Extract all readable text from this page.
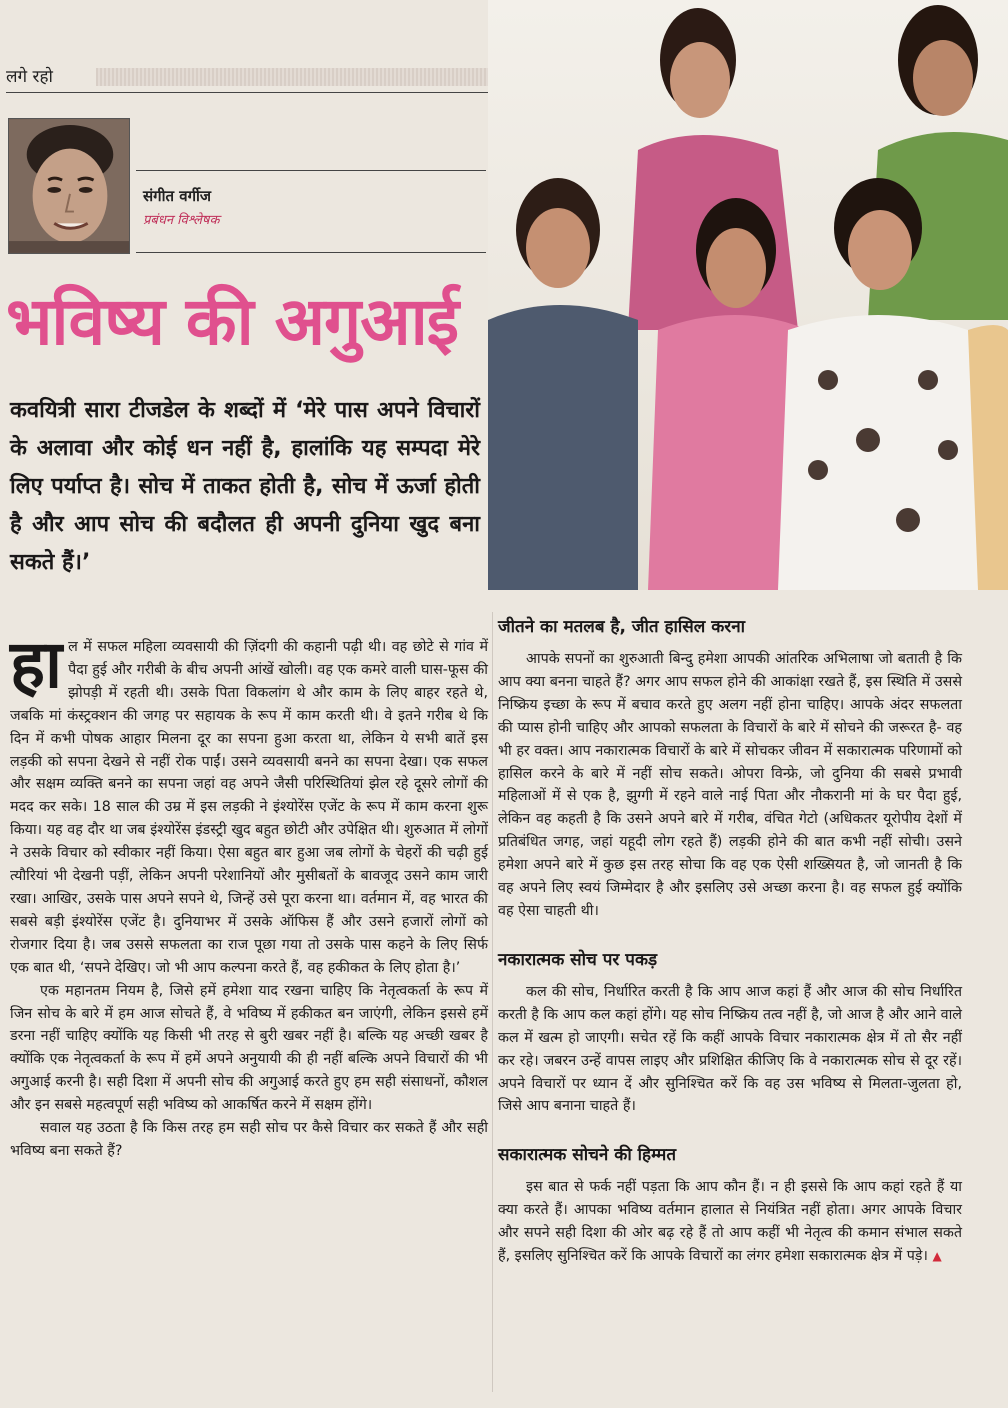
लगे रहो
संगीत वर्गीज
प्रबंधन विश्लेषक
भविष्य की अगुआई
कवयित्री सारा टीजडेल के शब्दों में ‘मेरे पास अपने विचारों के अलावा और कोई धन नहीं है, हालांकि यह सम्पदा मेरे लिए पर्याप्त है। सोच में ताकत होती है, सोच में ऊर्जा होती है और आप सोच की बदौलत ही अपनी दुनिया खुद बना सकते हैं।’

हाल में सफल महिला व्यवसायी की ज़िंदगी की कहानी पढ़ी थी। वह छोटे से गांव में पैदा हुई और गरीबी के बीच अपनी आंखें खोली। वह एक कमरे वाली घास-फूस की झोपड़ी में रहती थी। उसके पिता विकलांग थे और काम के लिए बाहर रहते थे, जबकि मां कंस्ट्रक्शन की जगह पर सहायक के रूप में काम करती थी। वे इतने गरीब थे कि दिन में कभी पोषक आहार मिलना दूर का सपना हुआ करता था, लेकिन ये सभी बातें इस लड़की को सपना देखने से नहीं रोक पाईं। उसने व्यवसायी बनने का सपना देखा। एक सफल और सक्षम व्यक्ति बनने का सपना जहां वह अपने जैसी परिस्थितियां झेल रहे दूसरे लोगों की मदद कर सके। 18 साल की उम्र में इस लड़की ने इंश्योरेंस एजेंट के रूप में काम करना शुरू किया। यह वह दौर था जब इंश्योरेंस इंडस्ट्री खुद बहुत छोटी और उपेक्षित थी। शुरुआत में लोगों ने उसके विचार को स्वीकार नहीं किया। ऐसा बहुत बार हुआ जब लोगों के चेहरों की चढ़ी हुई त्यौरियां भी देखनी पड़ीं, लेकिन अपनी परेशानियों और मुसीबतों के बावजूद उसने काम जारी रखा। आखिर, उसके पास अपने सपने थे, जिन्हें उसे पूरा करना था। वर्तमान में, वह भारत की सबसे बड़ी इंश्योरेंस एजेंट है। दुनियाभर में उसके ऑफिस हैं और उसने हजारों लोगों को रोजगार दिया है। जब उससे सफलता का राज पूछा गया तो उसके पास कहने के लिए सिर्फ एक बात थी, ‘सपने देखिए। जो भी आप कल्पना करते हैं, वह हकीकत के लिए होता है।’

एक महानतम नियम है, जिसे हमें हमेशा याद रखना चाहिए कि नेतृत्वकर्ता के रूप में जिन सोच के बारे में हम आज सोचते हैं, वे भविष्य में हकीकत बन जाएंगी, लेकिन इससे हमें डरना नहीं चाहिए क्योंकि यह किसी भी तरह से बुरी खबर नहीं है। बल्कि यह अच्छी खबर है क्योंकि एक नेतृत्वकर्ता के रूप में हमें अपने अनुयायी की ही नहीं बल्कि अपने विचारों की भी अगुआई करनी है। सही दिशा में अपनी सोच की अगुआई करते हुए हम सही संसाधनों, कौशल और इन सबसे महत्वपूर्ण सही भविष्य को आकर्षित करने में सक्षम होंगे।

सवाल यह उठता है कि किस तरह हम सही सोच पर कैसे विचार कर सकते हैं और सही भविष्य बना सकते हैं?

जीतने का मतलब है, जीत हासिल करना

आपके सपनों का शुरुआती बिन्दु हमेशा आपकी आंतरिक अभिलाषा जो बताती है कि आप क्या बनना चाहते हैं? अगर आप सफल होने की आकांक्षा रखते हैं, इस स्थिति में उससे निष्क्रिय इच्छा के रूप में बचाव करते हुए अलग नहीं होना चाहिए। आपके अंदर सफलता की प्यास होनी चाहिए और आपको सफलता के विचारों के बारे में सोचने की जरूरत है- वह भी हर वक्त। आप नकारात्मक विचारों के बारे में सोचकर जीवन में सकारात्मक परिणामों को हासिल करने के बारे में नहीं सोच सकते। ओपरा विन्फ्रे, जो दुनिया की सबसे प्रभावी महिलाओं में से एक है, झुग्गी में रहने वाले नाई पिता और नौकरानी मां के घर पैदा हुई, लेकिन वह कहती है कि उसने अपने बारे में गरीब, वंचित गेटो (अधिकतर यूरोपीय देशों में प्रतिबंधित जगह, जहां यहूदी लोग रहते हैं) लड़की होने की बात कभी नहीं सोची। उसने हमेशा अपने बारे में कुछ इस तरह सोचा कि वह एक ऐसी शख्सियत है, जो जानती है कि वह अपने लिए स्वयं जिम्मेदार है और इसलिए उसे अच्छा करना है। वह सफल हुई क्योंकि वह ऐसा चाहती थी।

नकारात्मक सोच पर पकड़

कल की सोच, निर्धारित करती है कि आप आज कहां हैं और आज की सोच निर्धारित करती है कि आप कल कहां होंगे। यह सोच निष्क्रिय तत्व नहीं है, जो आज है और आने वाले कल में खत्म हो जाएगी। सचेत रहें कि कहीं आपके विचार नकारात्मक क्षेत्र में तो सैर नहीं कर रहे। जबरन उन्हें वापस लाइए और प्रशिक्षित कीजिए कि वे नकारात्मक सोच से दूर रहें। अपने विचारों पर ध्यान दें और सुनिश्चित करें कि वह उस भविष्य से मिलता-जुलता हो, जिसे आप बनाना चाहते हैं।

सकारात्मक सोचने की हिम्मत

इस बात से फर्क नहीं पड़ता कि आप कौन हैं। न ही इससे कि आप कहां रहते हैं या क्या करते हैं। आपका भविष्य वर्तमान हालात से नियंत्रित नहीं होता। अगर आपके विचार और सपने सही दिशा की ओर बढ़ रहे हैं तो आप कहीं भी नेतृत्व की कमान संभाल सकते हैं, इसलिए सुनिश्चित करें कि आपके विचारों का लंगर हमेशा सकारात्मक क्षेत्र में पड़े। ▲
